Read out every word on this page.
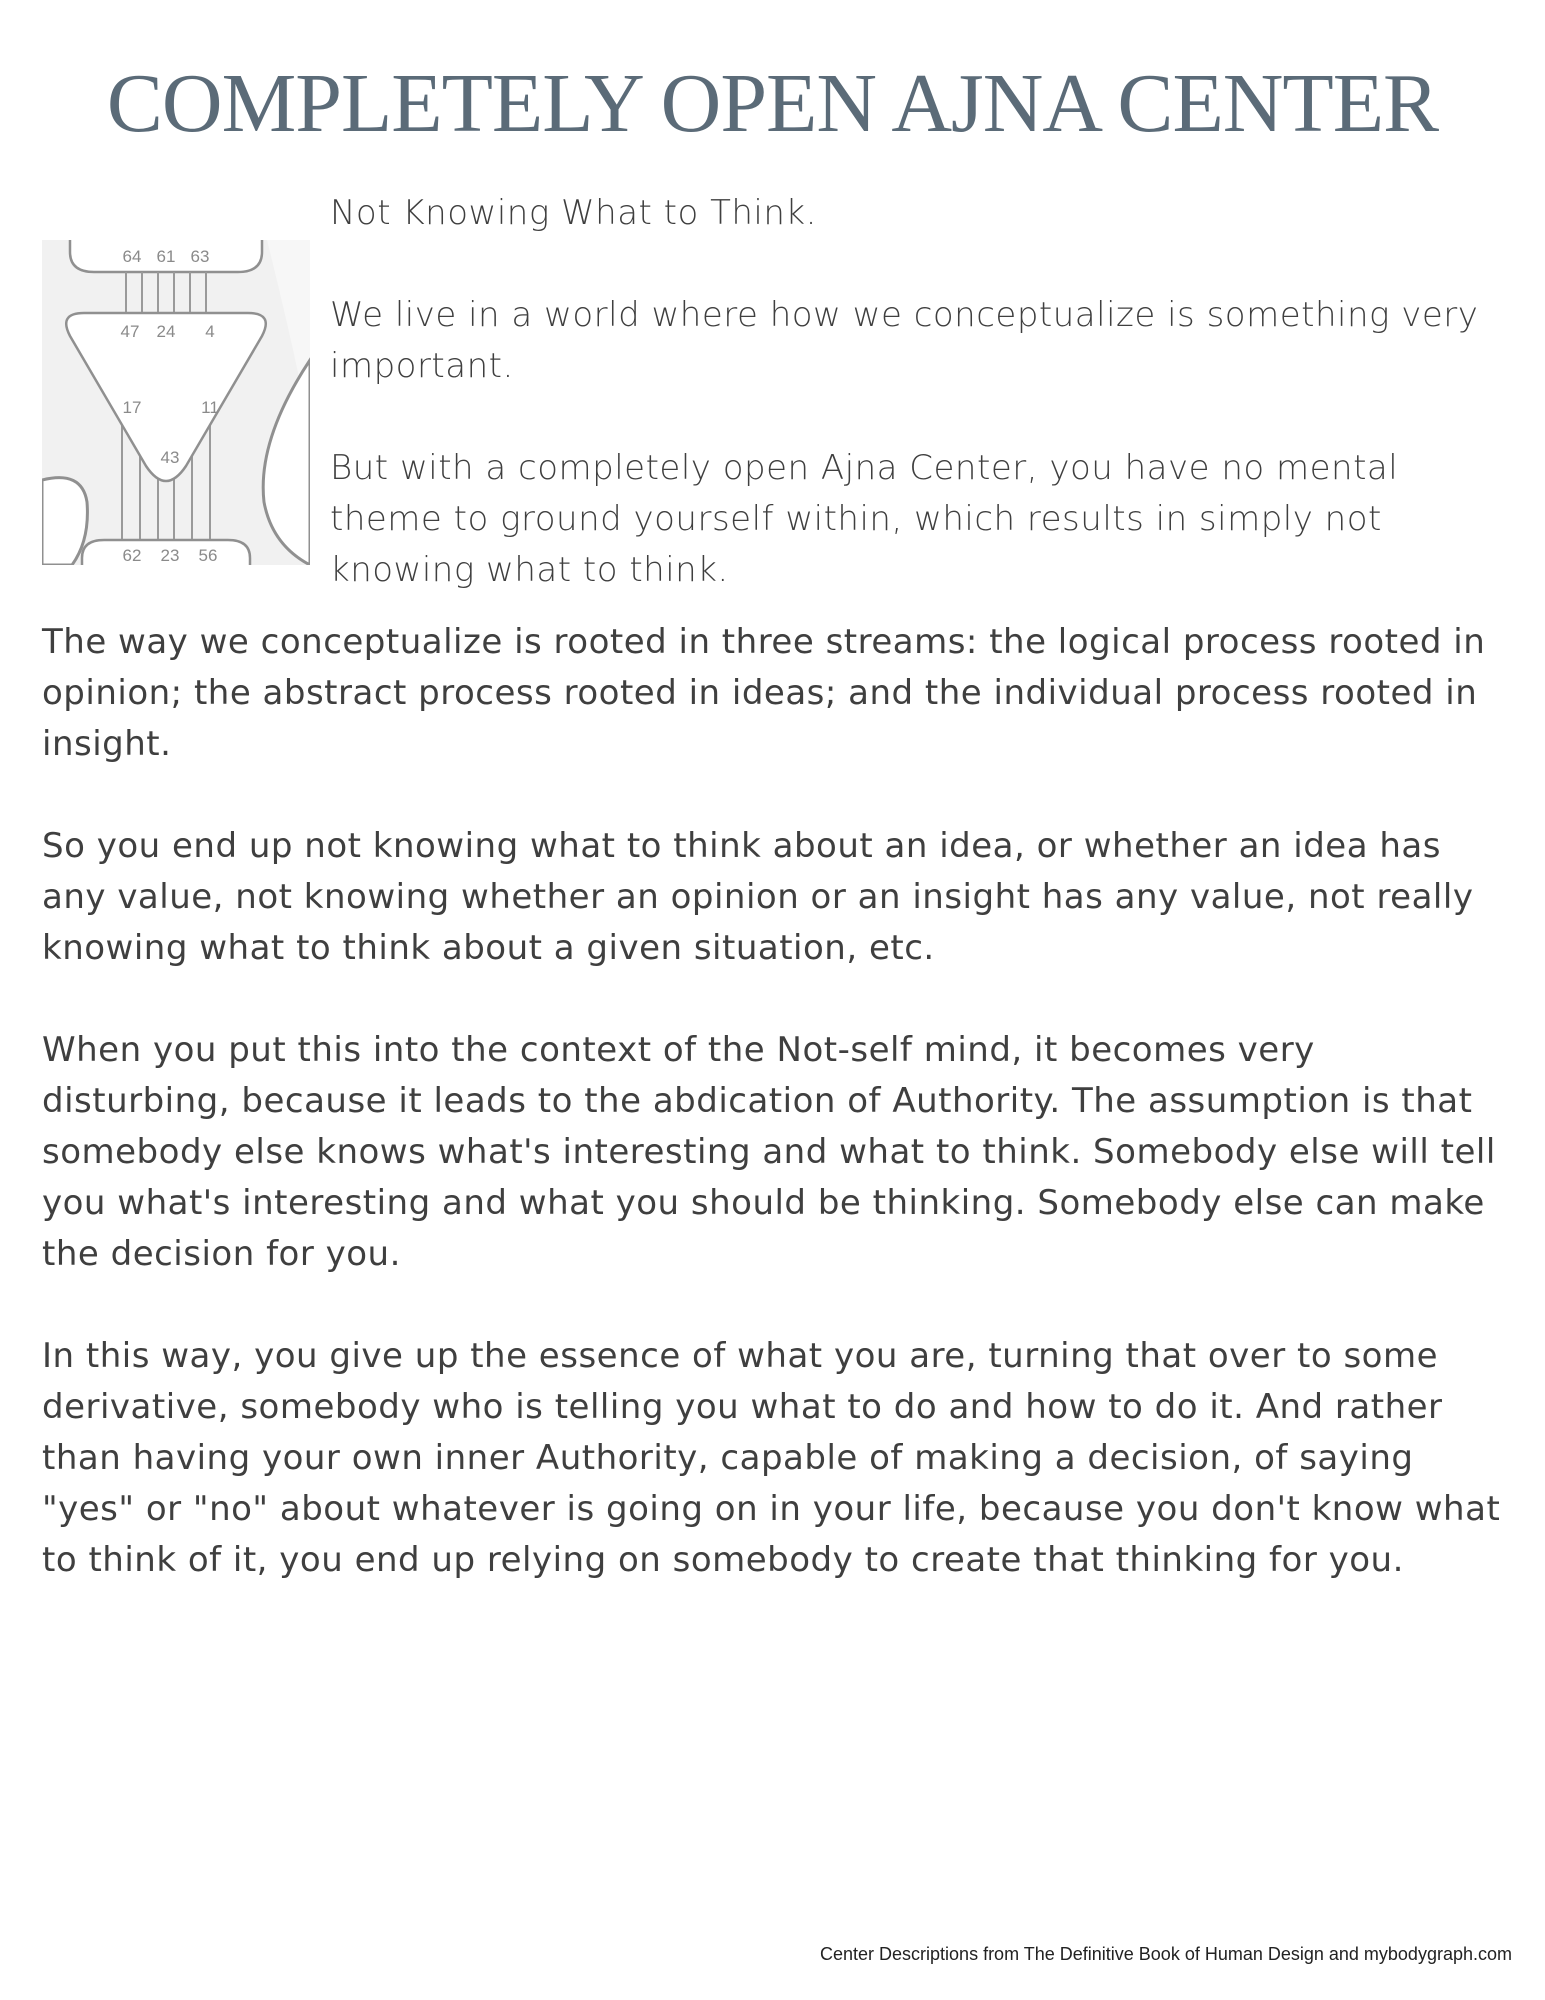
COMPLETELY OPEN AJNA CENTER
64 61 63
47 24 4
17	11
43
62 23 56

Not Knowing What to Think.

We live in a world where how we conceptualize is something very important.

But with a completely open Ajna Center, you have no mental theme to ground yourself within, which results in simply not knowing what to think.

The way we conceptualize is rooted in three streams: the logical process rooted in opinion; the abstract process rooted in ideas; and the individual process rooted in insight.

So you end up not knowing what to think about an idea, or whether an idea has any value, not knowing whether an opinion or an insight has any value, not really knowing what to think about a given situation, etc.

When you put this into the context of the Not-self mind, it becomes very disturbing, because it leads to the abdication of Authority. The assumption is that somebody else knows what's interesting and what to think. Somebody else will tell you what's interesting and what you should be thinking. Somebody else can make the decision for you.

In this way, you give up the essence of what you are, turning that over to some derivative, somebody who is telling you what to do and how to do it. And rather than having your own inner Authority, capable of making a decision, of saying "yes" or "no" about whatever is going on in your life, because you don't know what to think of it, you end up relying on somebody to create that thinking for you.

Center Descriptions from The Definitive Book of Human Design and mybodygraph.com
